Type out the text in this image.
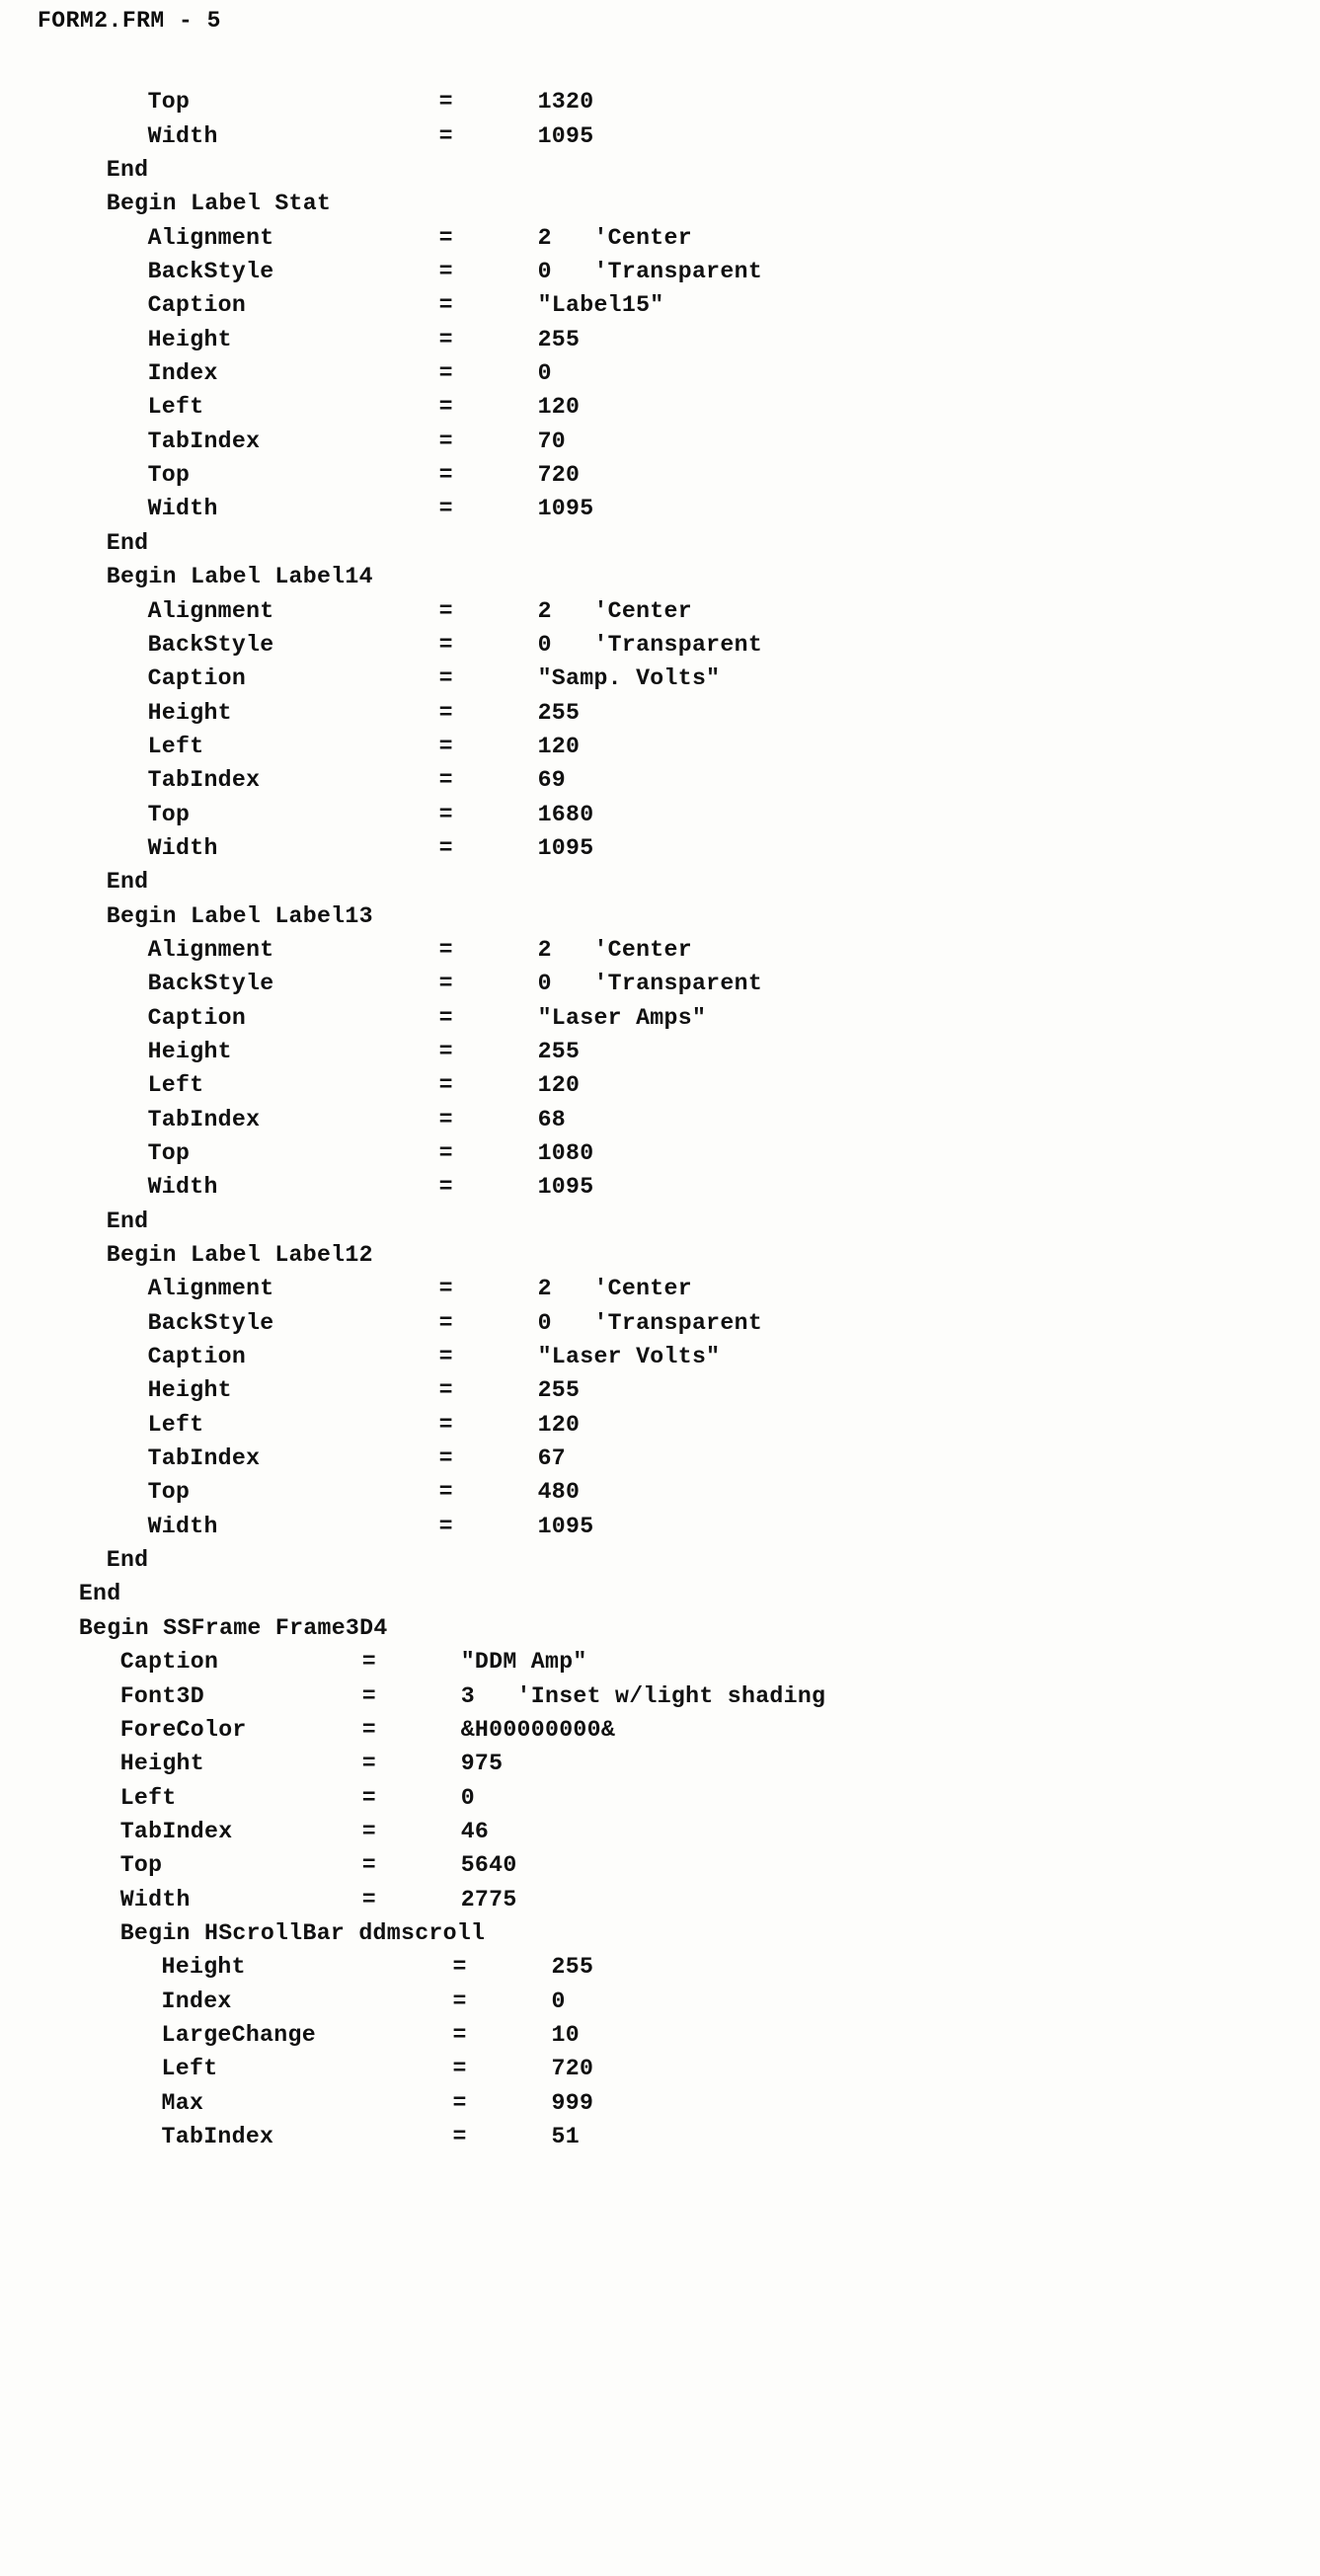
FORM2.FRM - 5

Top	=	1320
Width	=	1095
End
Begin Label Stat
Alignment	=	2   'Center
BackStyle	=	0   'Transparent
Caption	=	"Label15"
Height	=	255
Index	=	0
Left	=	120
TabIndex	=	70
Top	=	720
Width	=	1095
End
Begin Label Label14
Alignment	=	2   'Center
BackStyle	=	0   'Transparent
Caption	=	"Samp. Volts"
Height	=	255
Left	=	120
TabIndex	=	69
Top	=	1680
Width	=	1095
End
Begin Label Label13
Alignment	=	2   'Center
BackStyle	=	0   'Transparent
Caption	=	"Laser Amps"
Height	=	255
Left	=	120
TabIndex	=	68
Top	=	1080
Width	=	1095
End
Begin Label Label12
Alignment	=	2   'Center
BackStyle	=	0   'Transparent
Caption	=	"Laser Volts"
Height	=	255
Left	=	120
TabIndex	=	67
Top	=	480
Width	=	1095
End
End
Begin SSFrame Frame3D4
Caption	=	"DDM Amp"
Font3D	=	3   'Inset w/light shading
ForeColor	=	&H00000000&
Height	=	975
Left	=	0
TabIndex	=	46
Top	=	5640
Width	=	2775
Begin HScrollBar ddmscroll
Height	=	255
Index	=	0
LargeChange	=	10
Left	=	720
Max	=	999
TabIndex	=	51
